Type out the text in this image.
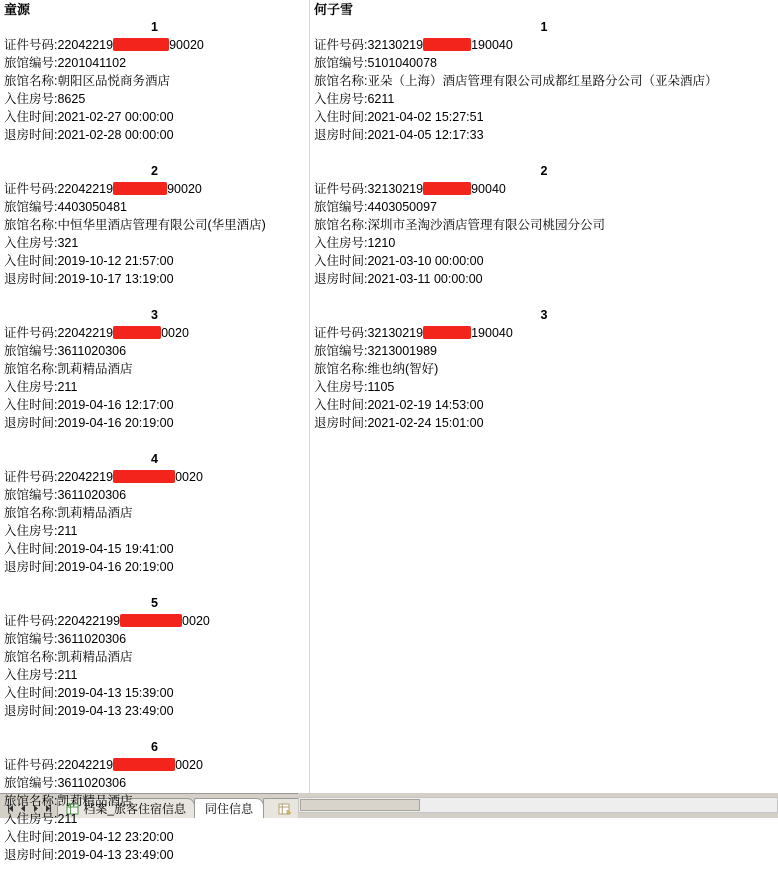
童源
1
证件号码:22042219	90020
旅馆编号:2201041102
旅馆名称:朝阳区品悦商务酒店
入住房号:8625
入住时间:2021-02-27 00:00:00
退房时间:2021-02-28 00:00:00

2
证件号码:22042219	90020
旅馆编号:4403050481
旅馆名称:中恒华里酒店管理有限公司(华里酒店)
入住房号:321
入住时间:2019-10-12 21:57:00
退房时间:2019-10-17 13:19:00

3
证件号码:22042219	0020
旅馆编号:3611020306
旅馆名称:凯莉精品酒店
入住房号:211
入住时间:2019-04-16 12:17:00
退房时间:2019-04-16 20:19:00

4
证件号码:22042219	0020
旅馆编号:3611020306
旅馆名称:凯莉精品酒店
入住房号:211
入住时间:2019-04-15 19:41:00
退房时间:2019-04-16 20:19:00

5
证件号码:220422199	0020
旅馆编号:3611020306
旅馆名称:凯莉精品酒店
入住房号:211
入住时间:2019-04-13 15:39:00
退房时间:2019-04-13 23:49:00

6
证件号码:22042219	0020
旅馆编号:3611020306
旅馆名称:凯莉精品酒店
入住房号:211
入住时间:2019-04-12 23:20:00
退房时间:2019-04-13 23:49:00

何子雪
1
证件号码:32130219	190040
旅馆编号:5101040078
旅馆名称:亚朵（上海）酒店管理有限公司成都红星路分公司（亚朵酒店）
入住房号:6211
入住时间:2021-04-02 15:27:51
退房时间:2021-04-05 12:17:33

2
证件号码:32130219	90040
旅馆编号:4403050097
旅馆名称:深圳市圣淘沙酒店管理有限公司桃园分公司
入住房号:1210
入住时间:2021-03-10 00:00:00
退房时间:2021-03-11 00:00:00

3
证件号码:32130219	190040
旅馆编号:3213001989
旅馆名称:维也纳(智好)
入住房号:1105
入住时间:2021-02-19 14:53:00
退房时间:2021-02-24 15:01:00

档案_旅客住宿信息	同住信息
